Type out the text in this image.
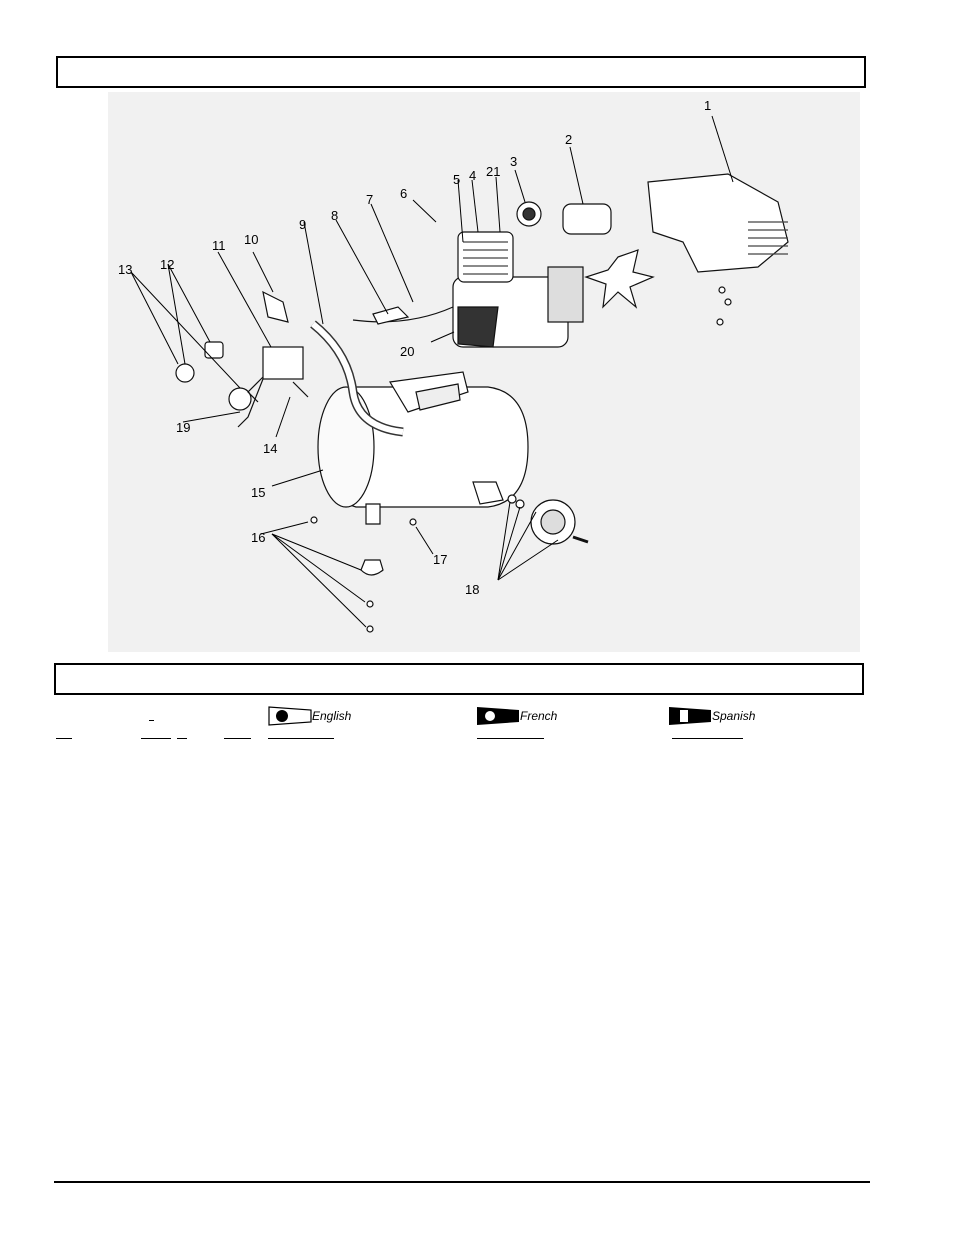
1
2
3
4
5
6
7
8
9
10
11
12
13
14
15
16
17
18
19
20
21
English	French	Spanish
